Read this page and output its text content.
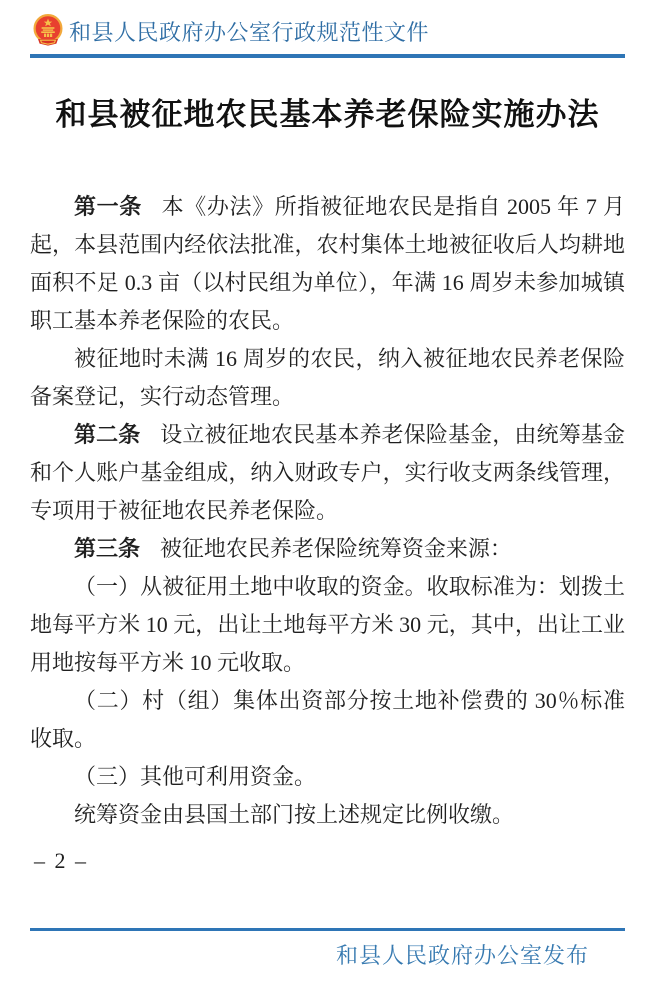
和县人民政府办公室行政规范性文件
和县被征地农民基本养老保险实施办法

第一条 本《办法》所指被征地农民是指自 2005 年 7 月起，本县范围内经依法批准，农村集体土地被征收后人均耕地面积不足 0.3 亩（以村民组为单位），年满 16 周岁未参加城镇职工基本养老保险的农民。

被征地时未满 16 周岁的农民，纳入被征地农民养老保险备案登记，实行动态管理。

第二条 设立被征地农民基本养老保险基金，由统筹基金和个人账户基金组成，纳入财政专户，实行收支两条线管理，专项用于被征地农民养老保险。

第三条 被征地农民养老保险统筹资金来源：

（一）从被征用土地中收取的资金。收取标准为：划拨土地每平方米 10 元，出让土地每平方米 30 元，其中，出让工业用地按每平方米 10 元收取。

（二）村（组）集体出资部分按土地补偿费的 30％标准收取。

（三）其他可利用资金。

统筹资金由县国土部门按上述规定比例收缴。

– 2 –
和县人民政府办公室发布
